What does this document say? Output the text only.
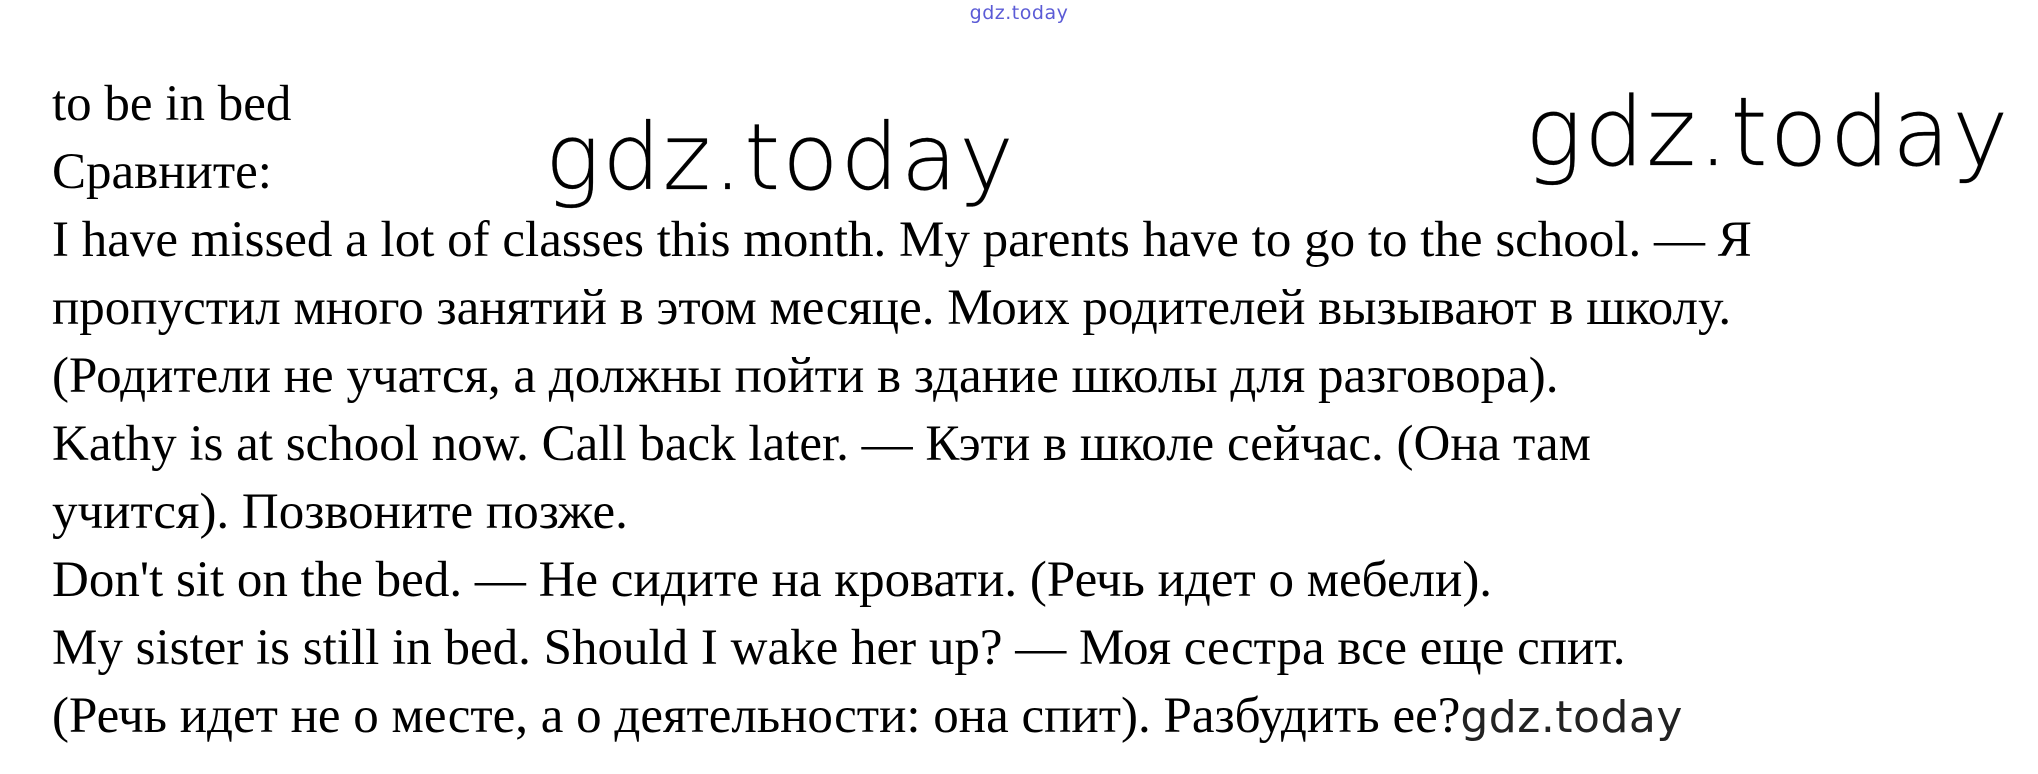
gdz.today
to be in bed
Сравните:
I have missed a lot of classes this month. My parents have to go to the school. — Я
пропустил много занятий в этом месяце. Моих родителей вызывают в школу.
(Родители не учатся, а должны пойти в здание школы для разговора).
Kathy is at school now. Call back later. — Кэти в школе сейчас. (Она там
учится). Позвоните позже.
Don't sit on the bed. — Не сидите на кровати. (Речь идет о мебели).
My sister is still in bed. Should I wake her up? — Моя сестра все еще спит.
(Речь идет не о месте, а о деятельности: она спит). Разбудить ее?gdz.today
gdz.today	gdz.today
